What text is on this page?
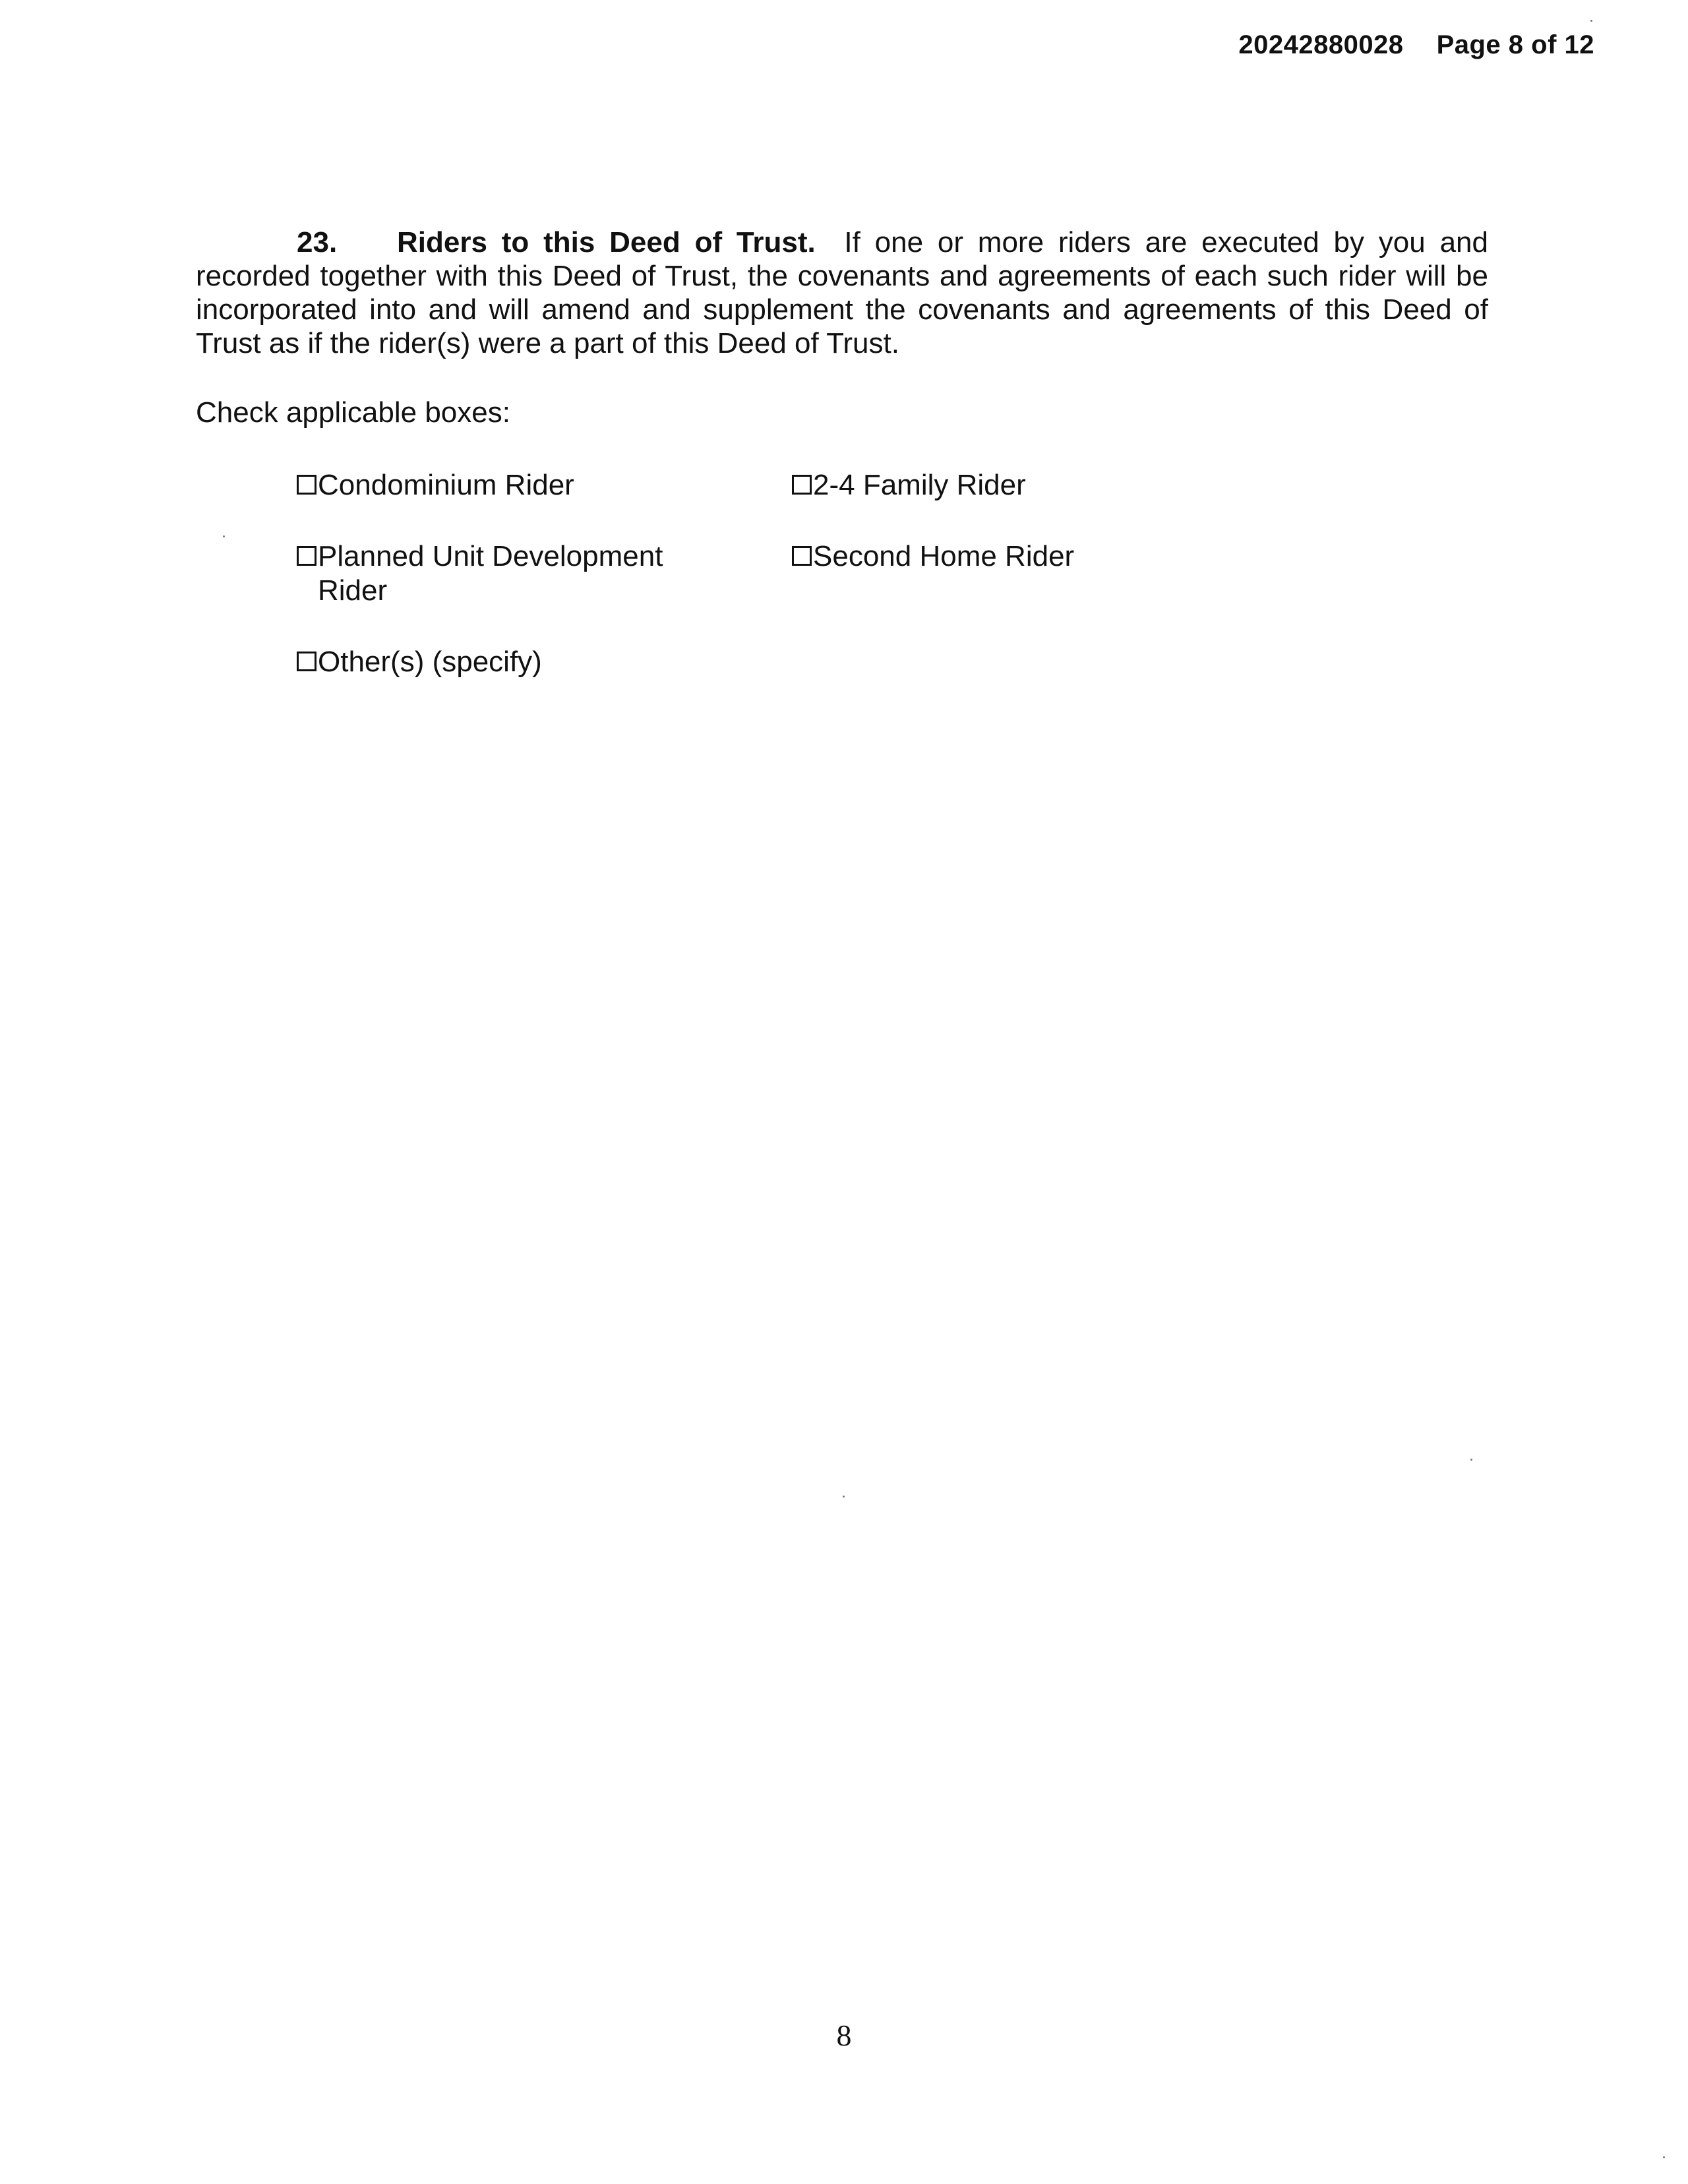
20242880028 Page 8 of 12
23. Riders to this Deed of Trust. If one or more riders are executed by you and recorded together with this Deed of Trust, the covenants and agreements of each such rider will be incorporated into and will amend and supplement the covenants and agreements of this Deed of Trust as if the rider(s) were a part of this Deed of Trust.
Check applicable boxes:
Condominium Rider	2-4 Family Rider
Planned Unit Development Rider
Second Home Rider
Other(s) (specify)
8
